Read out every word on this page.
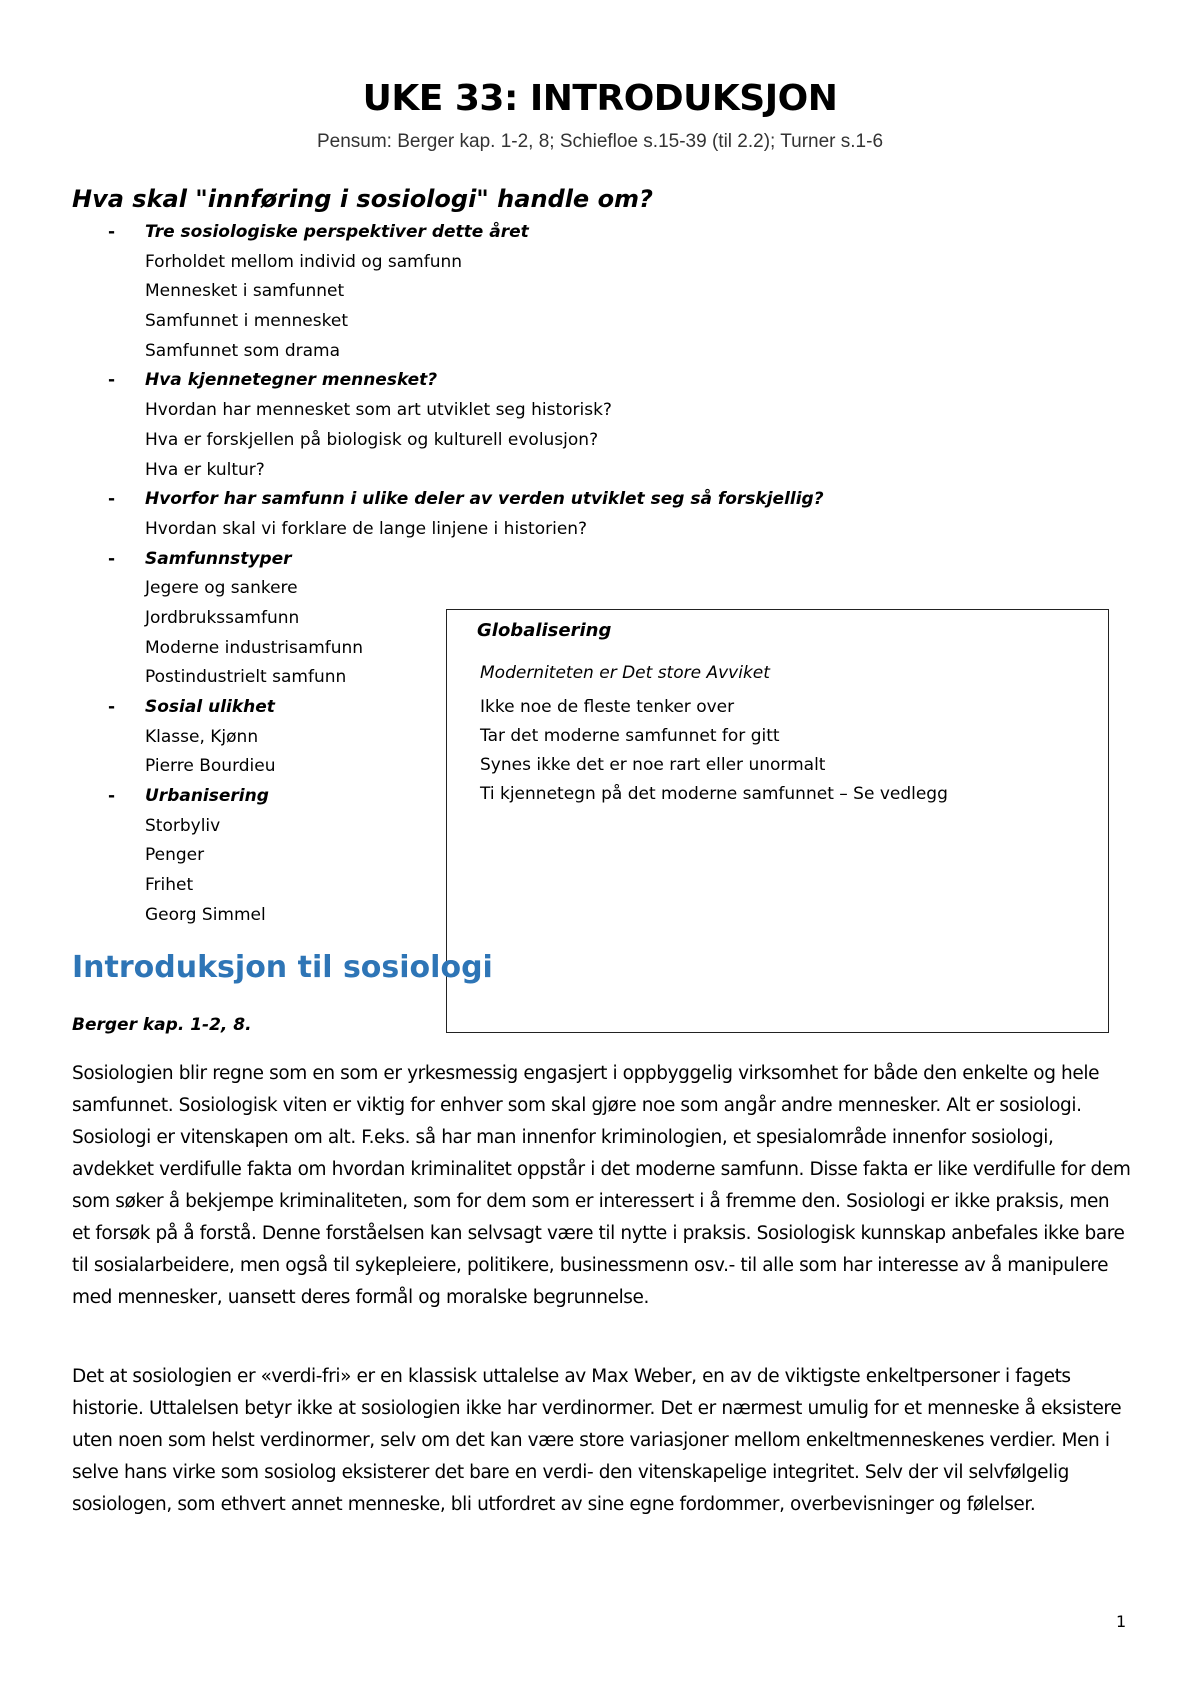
UKE 33: INTRODUKSJON

Pensum: Berger kap. 1-2, 8; Schiefloe s.15-39 (til 2.2); Turner s.1-6

Hva skal "innføring i sosiologi" handle om?
- Tre sosiologiske perspektiver dette året
Forholdet mellom individ og samfunn
Mennesket i samfunnet
Samfunnet i mennesket
Samfunnet som drama
- Hva kjennetegner mennesket?
Hvordan har mennesket som art utviklet seg historisk?
Hva er forskjellen på biologisk og kulturell evolusjon?
Hva er kultur?
- Hvorfor har samfunn i ulike deler av verden utviklet seg så forskjellig?
Hvordan skal vi forklare de lange linjene i historien?
- Samfunnstyper
Jegere og sankere
Jordbrukssamfunn
Moderne industrisamfunn
Postindustrielt samfunn
- Sosial ulikhet
Klasse, Kjønn
Pierre Bourdieu
- Urbanisering
Storbyliv
Penger
Frihet
Georg Simmel
Globalisering
Moderniteten er Det store Avviket
Ikke noe de fleste tenker over
Tar det moderne samfunnet for gitt
Synes ikke det er noe rart eller unormalt
Ti kjennetegn på det moderne samfunnet – Se vedlegg
Introduksjon til sosiologi

Berger kap. 1-2, 8.

Sosiologien blir regne som en som er yrkesmessig engasjert i oppbyggelig virksomhet for både den enkelte og hele samfunnet. Sosiologisk viten er viktig for enhver som skal gjøre noe som angår andre mennesker. Alt er sosiologi. Sosiologi er vitenskapen om alt. F.eks. så har man innenfor kriminologien, et spesialområde innenfor sosiologi, avdekket verdifulle fakta om hvordan kriminalitet oppstår i det moderne samfunn. Disse fakta er like verdifulle for dem som søker å bekjempe kriminaliteten, som for dem som er interessert i å fremme den. Sosiologi er ikke praksis, men et forsøk på å forstå. Denne forståelsen kan selvsagt være til nytte i praksis. Sosiologisk kunnskap anbefales ikke bare til sosialarbeidere, men også til sykepleiere, politikere, businessmenn osv.- til alle som har interesse av å manipulere med mennesker, uansett deres formål og moralske begrunnelse.

Det at sosiologien er «verdi-fri» er en klassisk uttalelse av Max Weber, en av de viktigste enkeltpersoner i fagets historie. Uttalelsen betyr ikke at sosiologien ikke har verdinormer. Det er nærmest umulig for et menneske å eksistere uten noen som helst verdinormer, selv om det kan være store variasjoner mellom enkeltmenneskenes verdier. Men i selve hans virke som sosiolog eksisterer det bare en verdi- den vitenskapelige integritet. Selv der vil selvfølgelig sosiologen, som ethvert annet menneske, bli utfordret av sine egne fordommer, overbevisninger og følelser.

1
